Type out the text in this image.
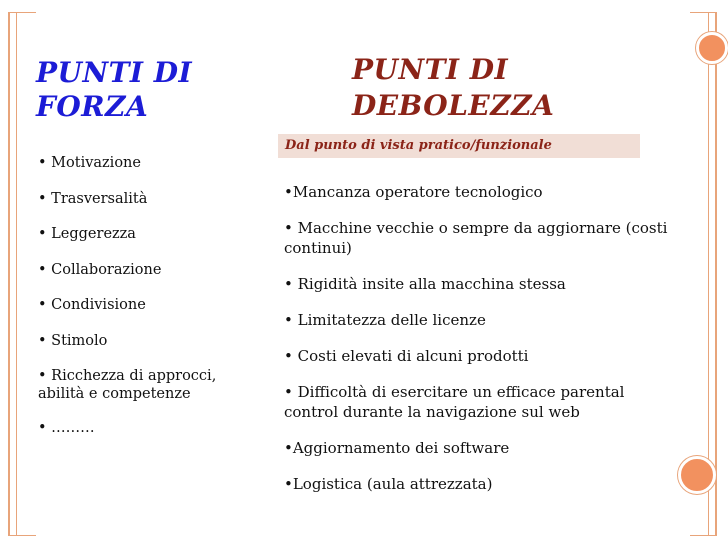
PUNTI DI
FORZA
PUNTI DI
DEBOLEZZA
Dal punto di vista pratico/funzionale
• Motivazione
• Trasversalità
• Leggerezza
• Collaborazione
• Condivisione
• Stimolo
• Ricchezza di approcci, abilità e competenze
• ………
•Mancanza operatore tecnologico
• Macchine vecchie o sempre da aggiornare (costi continui)
• Rigidità insite alla macchina stessa
• Limitatezza delle licenze
• Costi elevati di alcuni prodotti
• Difficoltà di esercitare un efficace parental control durante la navigazione sul web
•Aggiornamento dei software
•Logistica (aula attrezzata)
